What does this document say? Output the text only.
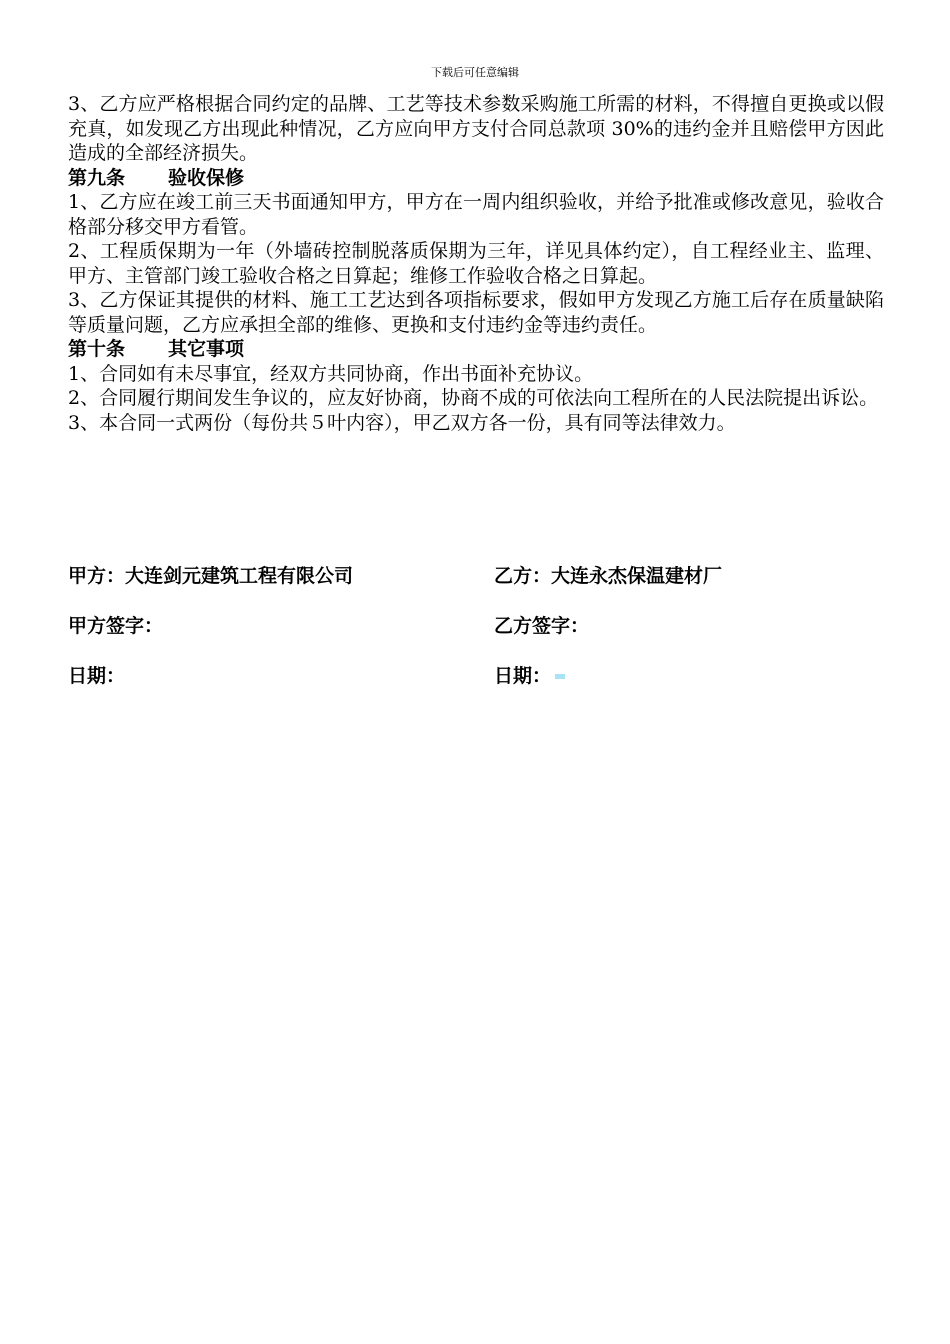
下载后可任意编辑

3、乙方应严格根据合同约定的品牌、工艺等技术参数采购施工所需的材料，不得擅自更换或以假充真，如发现乙方出现此种情况，乙方应向甲方支付合同总款项 30%的违约金并且赔偿甲方因此造成的全部经济损失。

第九条 验收保修

1、乙方应在竣工前三天书面通知甲方，甲方在一周内组织验收，并给予批准或修改意见，验收合格部分移交甲方看管。

2、工程质保期为一年（外墙砖控制脱落质保期为三年，详见具体约定），自工程经业主、监理、甲方、主管部门竣工验收合格之日算起；维修工作验收合格之日算起。

3、乙方保证其提供的材料、施工工艺达到各项指标要求，假如甲方发现乙方施工后存在质量缺陷等质量问题，乙方应承担全部的维修、更换和支付违约金等违约责任。

第十条 其它事项

1、合同如有未尽事宜，经双方共同协商，作出书面补充协议。

2、合同履行期间发生争议的，应友好协商，协商不成的可依法向工程所在的人民法院提出诉讼。

3、本合同一式两份（每份共５叶内容），甲乙双方各一份，具有同等法律效力。

甲方：大连剑元建筑工程有限公司	乙方：大连永杰保温建材厂
甲方签字：	乙方签字：
日期：	日期：
